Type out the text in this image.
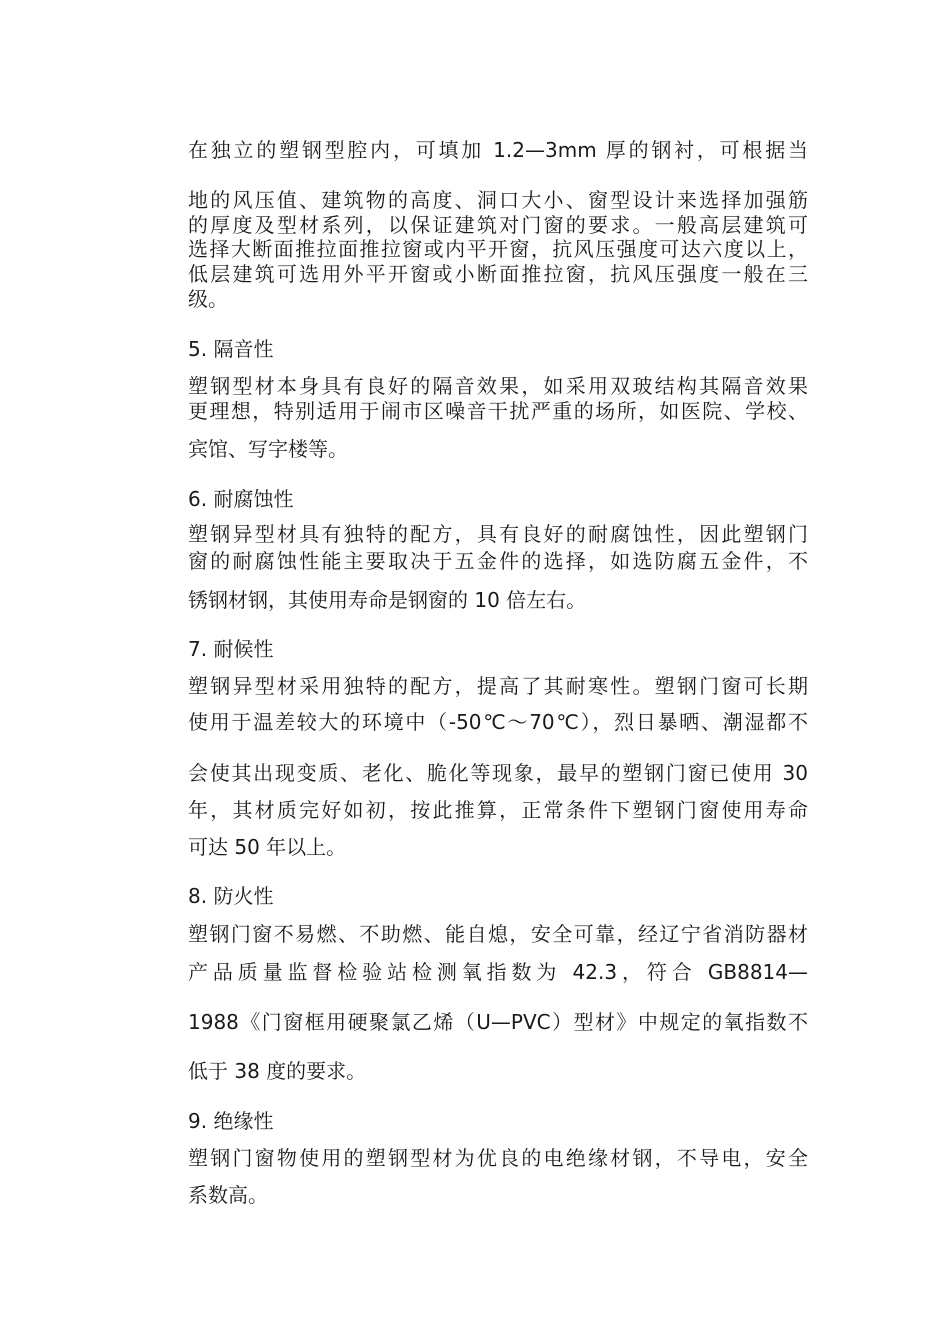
在独立的塑钢型腔内，可填加 1.2—3mm 厚的钢衬，可根据当
地的风压值、建筑物的高度、洞口大小、窗型设计来选择加强筋
的厚度及型材系列，以保证建筑对门窗的要求。一般高层建筑可
选择大断面推拉面推拉窗或内平开窗，抗风压强度可达六度以上，
低层建筑可选用外平开窗或小断面推拉窗，抗风压强度一般在三
级。
5. 隔音性
塑钢型材本身具有良好的隔音效果，如采用双玻结构其隔音效果
更理想，特别适用于闹市区噪音干扰严重的场所，如医院、学校、
宾馆、写字楼等。
6. 耐腐蚀性
塑钢异型材具有独特的配方，具有良好的耐腐蚀性，因此塑钢门
窗的耐腐蚀性能主要取决于五金件的选择，如选防腐五金件，不
锈钢材钢，其使用寿命是钢窗的 10 倍左右。
7. 耐候性
塑钢异型材采用独特的配方，提高了其耐寒性。塑钢门窗可长期
使用于温差较大的环境中（-50℃～70℃），烈日暴晒、潮湿都不
会使其出现变质、老化、脆化等现象，最早的塑钢门窗已使用 30
年，其材质完好如初，按此推算，正常条件下塑钢门窗使用寿命
可达 50 年以上。
8. 防火性
塑钢门窗不易燃、不助燃、能自熄，安全可靠，经辽宁省消防器材
产品质量监督检验站检测氧指数为 42.3，符合 GB8814—
1988《门窗框用硬聚氯乙烯（U—PVC）型材》中规定的氧指数不
低于 38 度的要求。
9. 绝缘性
塑钢门窗物使用的塑钢型材为优良的电绝缘材钢，不导电，安全
系数高。
